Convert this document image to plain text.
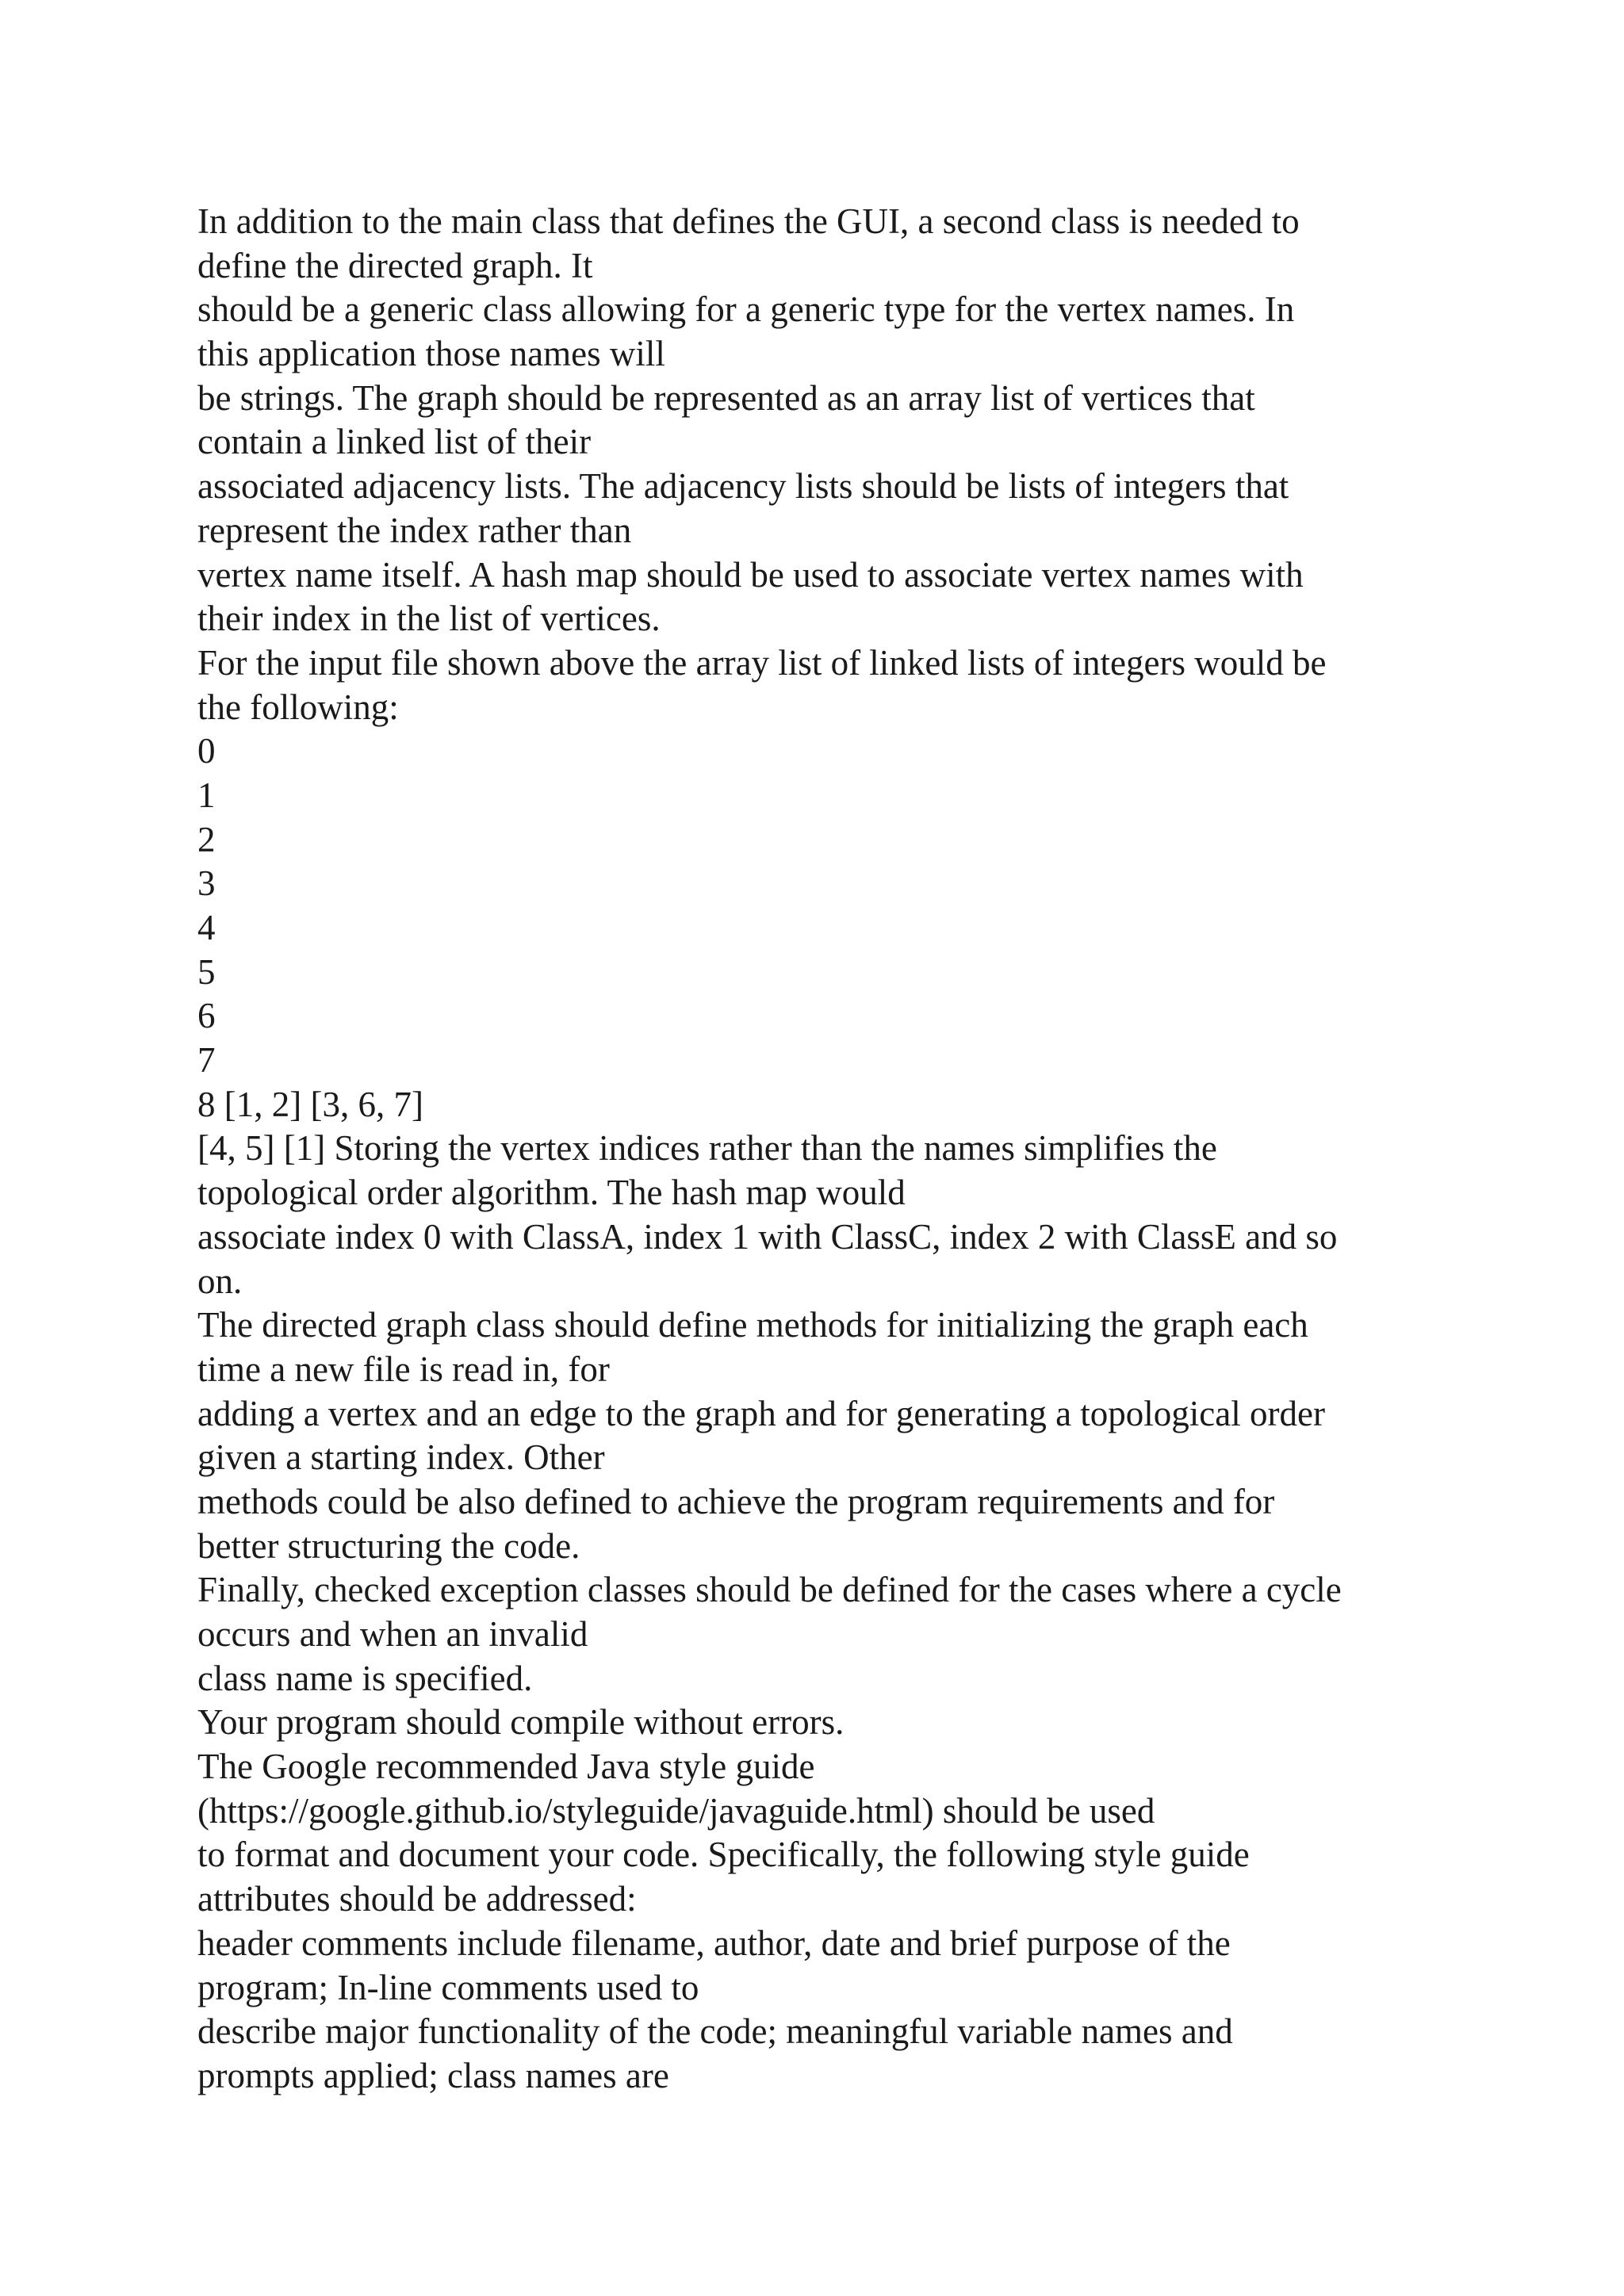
In addition to the main class that defines the GUI, a second class is needed to
define the directed graph. It
should be a generic class allowing for a generic type for the vertex names. In
this application those names will
be strings. The graph should be represented as an array list of vertices that
contain a linked list of their
associated adjacency lists. The adjacency lists should be lists of integers that
represent the index rather than
vertex name itself. A hash map should be used to associate vertex names with
their index in the list of vertices.
For the input file shown above the array list of linked lists of integers would be
the following:
0
1
2
3
4
5
6
7
8 [1, 2] [3, 6, 7]
[4, 5] [1] Storing the vertex indices rather than the names simplifies the
topological order algorithm. The hash map would
associate index 0 with ClassA, index 1 with ClassC, index 2 with ClassE and so
on.
The directed graph class should define methods for initializing the graph each
time a new file is read in, for
adding a vertex and an edge to the graph and for generating a topological order
given a starting index. Other
methods could be also defined to achieve the program requirements and for
better structuring the code.
Finally, checked exception classes should be defined for the cases where a cycle
occurs and when an invalid
class name is specified.
Your program should compile without errors.
The Google recommended Java style guide
(https://google.github.io/styleguide/javaguide.html) should be used
to format and document your code. Specifically, the following style guide
attributes should be addressed:
header comments include filename, author, date and brief purpose of the
program; In-line comments used to
describe major functionality of the code; meaningful variable names and
prompts applied; class names are
